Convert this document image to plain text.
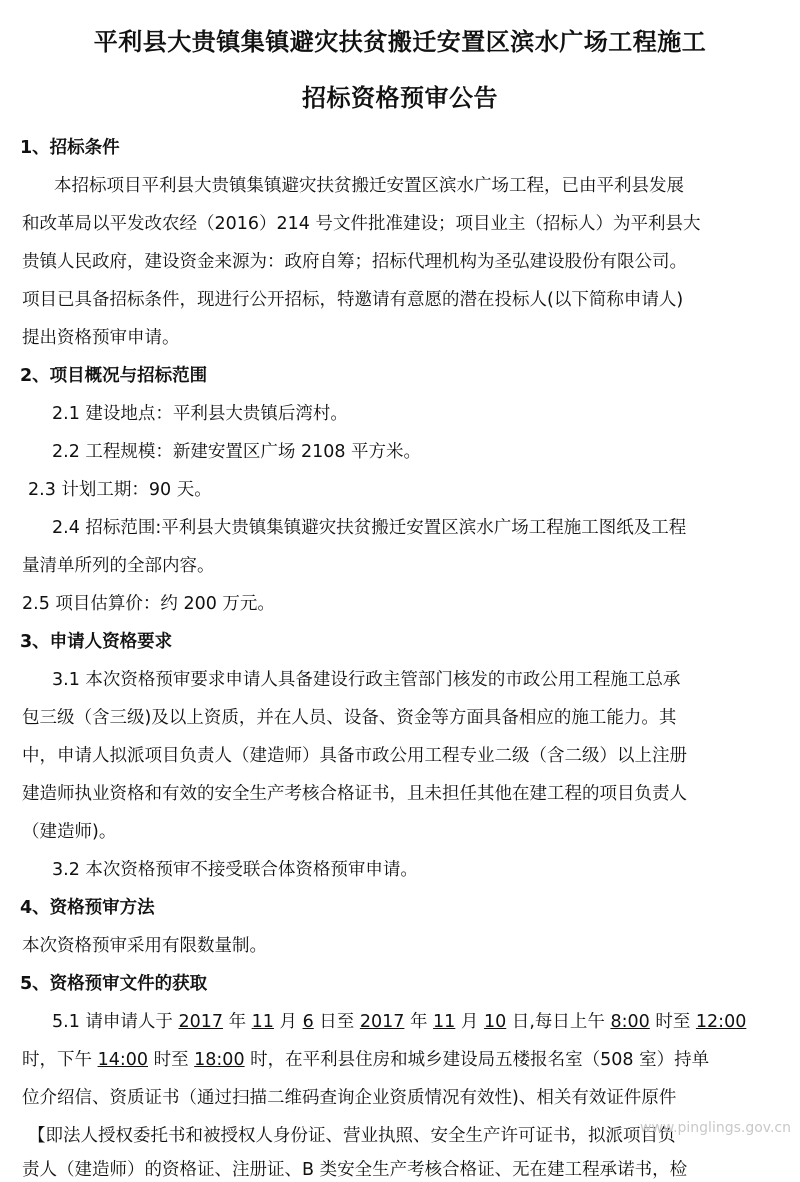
平利县大贵镇集镇避灾扶贫搬迁安置区滨水广场工程施工
招标资格预审公告
1、招标条件
本招标项目平利县大贵镇集镇避灾扶贫搬迁安置区滨水广场工程，已由平利县发展
和改革局以平发改农经（2016）214 号文件批准建设；项目业主（招标人）为平利县大
贵镇人民政府，建设资金来源为：政府自筹；招标代理机构为圣弘建设股份有限公司。
项目已具备招标条件，现进行公开招标，特邀请有意愿的潜在投标人(以下简称申请人)
提出资格预审申请。
2、项目概况与招标范围
2.1 建设地点：平利县大贵镇后湾村。
2.2 工程规模：新建安置区广场 2108 平方米。
2.3 计划工期：90 天。
2.4 招标范围:平利县大贵镇集镇避灾扶贫搬迁安置区滨水广场工程施工图纸及工程
量清单所列的全部内容。
2.5 项目估算价：约 200 万元。
3、申请人资格要求
3.1 本次资格预审要求申请人具备建设行政主管部门核发的市政公用工程施工总承
包三级（含三级)及以上资质，并在人员、设备、资金等方面具备相应的施工能力。其
中，申请人拟派项目负责人（建造师）具备市政公用工程专业二级（含二级）以上注册
建造师执业资格和有效的安全生产考核合格证书，且未担任其他在建工程的项目负责人
（建造师)。
3.2 本次资格预审不接受联合体资格预审申请。
4、资格预审方法
本次资格预审采用有限数量制。
5、资格预审文件的获取
5.1 请申请人于 2017 年 11 月 6 日至 2017 年 11 月 10 日,每日上午 8:00 时至 12:00
时，下午 14:00 时至 18:00 时，在平利县住房和城乡建设局五楼报名室（508 室）持单
位介绍信、资质证书（通过扫描二维码查询企业资质情况有效性)、相关有效证件原件
【即法人授权委托书和被授权人身份证、营业执照、安全生产许可证书，拟派项目负
责人（建造师）的资格证、注册证、B 类安全生产考核合格证、无在建工程承诺书，检
www.pinglings.gov.cn
